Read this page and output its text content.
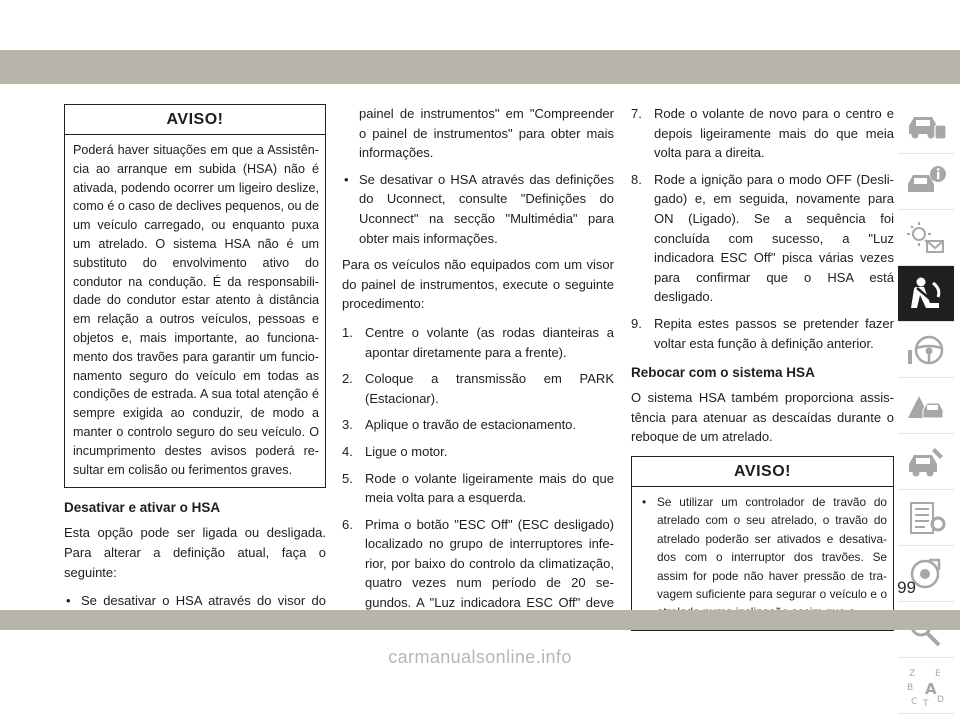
AVISO!
Poderá haver situações em que a Assistência ao arranque em subida (HSA) não é ativada, podendo ocorrer um ligeiro deslize, como é o caso de declives pequenos, ou de um veículo carregado, ou enquanto puxa um atrelado. O sistema HSA não é um substituto do envolvimento ativo do condutor na condução. É da responsabilidade do condutor estar atento à distância em relação a outros veículos, pessoas e objetos e, mais importante, ao funcionamento dos travões para garantir um funcionamento seguro do veículo em todas as condições de estrada. A sua total atenção é sempre exigida ao conduzir, de modo a manter o controlo seguro do seu veículo. O incumprimento destes avisos poderá resultar em colisão ou ferimentos graves.
Desativar e ativar o HSA

Esta opção pode ser ligada ou desligada. Para alterar a definição atual, faça o seguinte:

• Se desativar o HSA através do visor do
painel de instrumentos" em "Compreender o painel de instrumentos" para obter mais informações.
• Se desativar o HSA através das definições do Uconnect, consulte "Definições do Uconnect" na secção "Multimédia" para obter mais informações.

Para os veículos não equipados com um visor do painel de instrumentos, execute o seguinte procedimento:

1. Centre o volante (as rodas dianteiras a apontar diretamente para a frente).
2. Coloque a transmissão em PARK (Estacionar).
3. Aplique o travão de estacionamento.
4. Ligue o motor.
5. Rode o volante ligeiramente mais do que meia volta para a esquerda.
6. Prima o botão "ESC Off" (ESC desligado) localizado no grupo de interruptores inferior, por baixo do controlo da climatização, quatro vezes num período de 20 segundos. A "Luz indicadora ESC Off" deve
7. Rode o volante de novo para o centro e depois ligeiramente mais do que meia volta para a direita.
8. Rode a ignição para o modo OFF (Desligado) e, em seguida, novamente para ON (Ligado). Se a sequência foi concluída com sucesso, a "Luz indicadora ESC Off" pisca várias vezes para confirmar que o HSA está desligado.
9. Repita estes passos se pretender fazer voltar esta função à definição anterior.
Rebocar com o sistema HSA

O sistema HSA também proporciona assistência para atenuar as descaídas durante o reboque de um atrelado.

AVISO!
• Se utilizar um controlador de travão do atrelado com o seu atrelado, o travão do atrelado poderão ser ativados e desativados com o interruptor dos travões. Se assim for pode não haver pressão de travagem suficiente para segurar o veículo e o
Z E
B A
C T D
99
carmanualsonline.info
